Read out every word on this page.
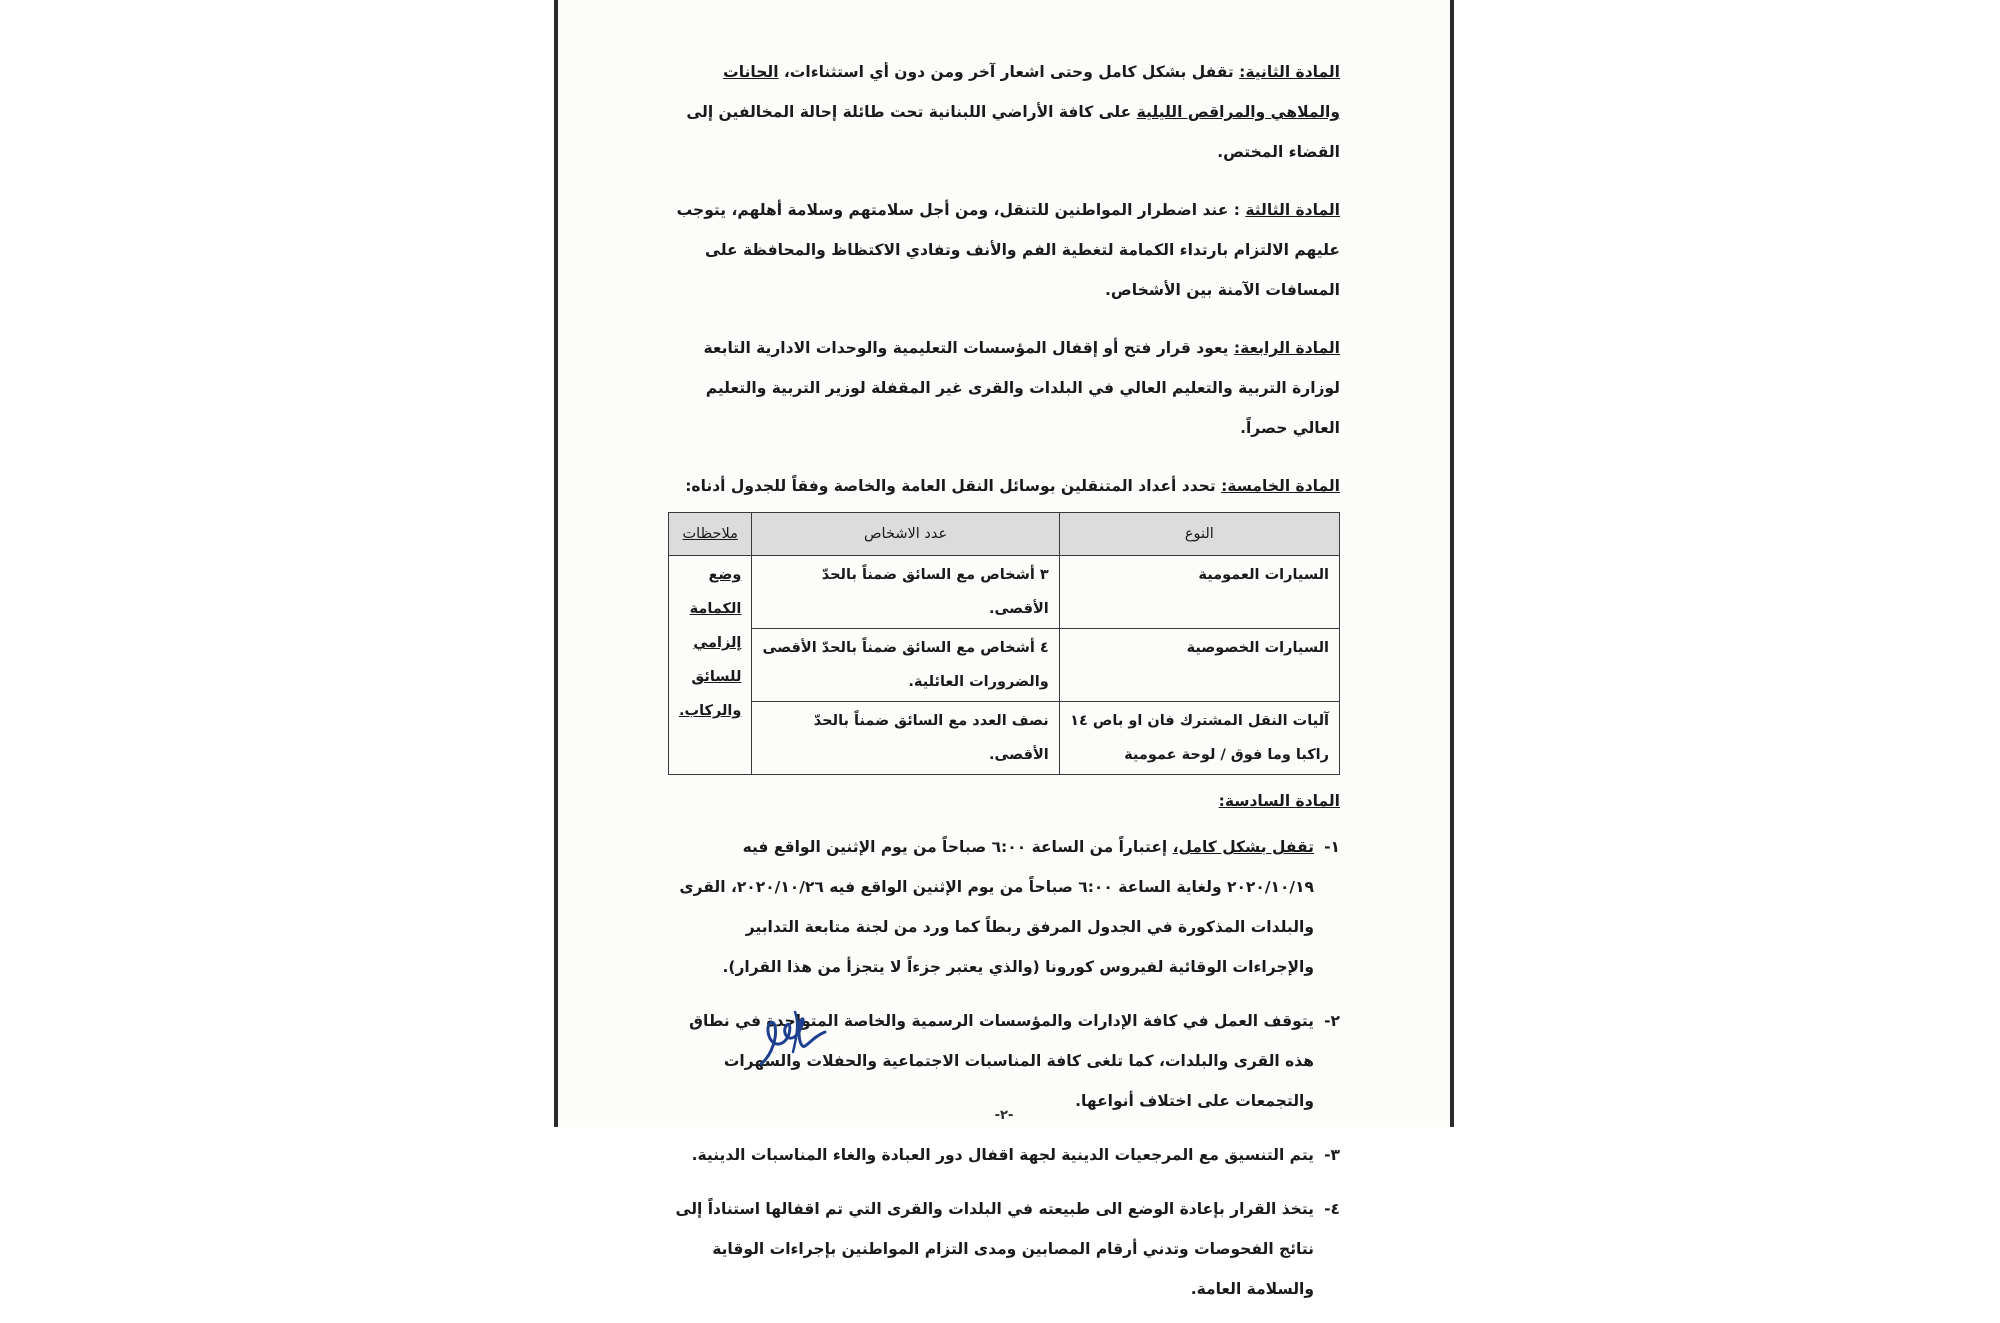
المادة الثانية: تقفل بشكل كامل وحتى اشعار آخر ومن دون أي استثناءات، الحانات والملاهي والمراقص الليلية على كافة الأراضي اللبنانية تحت طائلة إحالة المخالفين إلى القضاء المختص.

المادة الثالثة : عند اضطرار المواطنين للتنقل، ومن أجل سلامتهم وسلامة أهلهم، يتوجب عليهم الالتزام بارتداء الكمامة لتغطية الفم والأنف وتفادي الاكتظاظ والمحافظة على المسافات الآمنة بين الأشخاص.

المادة الرابعة: يعود قرار فتح أو إقفال المؤسسات التعليمية والوحدات الادارية التابعة لوزارة التربية والتعليم العالي في البلدات والقرى غير المقفلة لوزير التربية والتعليم العالي حصراً.

المادة الخامسة: تحدد أعداد المتنقلين بوسائل النقل العامة والخاصة وفقاً للجدول أدناه:

النوع	عدد الاشخاص	ملاحظات
السيارات العمومية	٣ أشخاص مع السائق ضمناً بالحدّ الأقصى.	وضع الكمامة إلزامي للسائق والركاب.
السيارات الخصوصية	٤ أشخاص مع السائق ضمناً بالحدّ الأقصى والضرورات العائلية.	
آليات النقل المشترك فان او باص ١٤ راكبا وما فوق / لوحة عمومية	نصف العدد مع السائق ضمناً بالحدّ الأقصى.	

المادة السادسة:

١-
تقفل بشكل كامل، إعتباراً من الساعة ٦:٠٠ صباحاً من يوم الإثنين الواقع فيه ٢٠٢٠/١٠/١٩ ولغاية الساعة ٦:٠٠ صباحاً من يوم الإثنين الواقع فيه ٢٠٢٠/١٠/٢٦، القرى والبلدات المذكورة في الجدول المرفق ربطاً كما ورد من لجنة متابعة التدابير والإجراءات الوقائية لفيروس كورونا (والذي يعتبر جزءاً لا يتجزأ من هذا القرار).

٢-
يتوقف العمل في كافة الإدارات والمؤسسات الرسمية والخاصة المتواجدة في نطاق هذه القرى والبلدات، كما تلغى كافة المناسبات الاجتماعية والحفلات والسهرات والتجمعات على اختلاف أنواعها.

٣-
يتم التنسيق مع المرجعيات الدينية لجهة اقفال دور العبادة والغاء المناسبات الدينية.

٤-
يتخذ القرار بإعادة الوضع الى طبيعته في البلدات والقرى التي تم اقفالها استناداً إلى نتائج الفحوصات وتدني أرقام المصابين ومدى التزام المواطنين بإجراءات الوقاية والسلامة العامة.

-٢-
